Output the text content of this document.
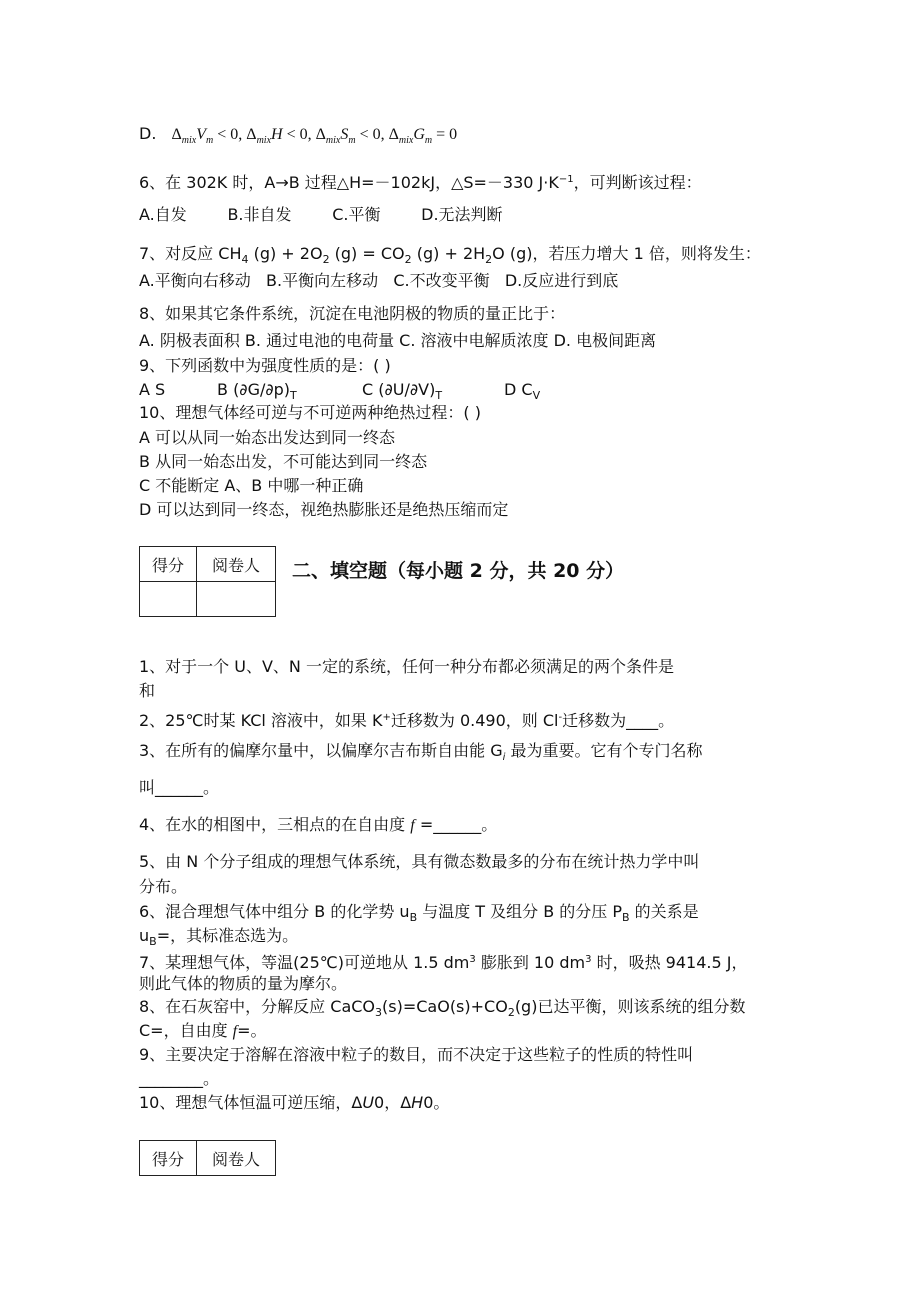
D. $\Delta_{mix}V_m < 0$, $\Delta_{mix}H < 0$, $\Delta_{mix}S_m < 0$, $\Delta_{mix}G_m = 0$
6、在 302K 时，A→B 过程△H=－102kJ，△S=－330 $J\cdot K^{-1}$，可判断该过程：
A.自发        B.非自发        C.平衡        D.无法判断
7、对反应 $CH_4$ $(g) + 2O_2$ $(g) = CO_2$ $(g) + 2H_2O$ (g)，若压力增大 1 倍，则将发生：
A.平衡向右移动   B.平衡向左移动   C.不改变平衡   D.反应进行到底
8、如果其它条件系统，沉淀在电池阴极的物质的量正比于：
A. 阴极表面积 B. 通过电池的电荷量 C. 溶液中电解质浓度 D. 电极间距离
9、下列函数中为强度性质的是：( )
A S	B $(\partial G/\partial p)_T$	C $(\partial U/\partial V)_T$	D $C_V$
10、理想气体经可逆与不可逆两种绝热过程：( )
A 可以从同一始态出发达到同一终态
B 从同一始态出发，不可能达到同一终态
C 不能断定 A、B 中哪一种正确
D 可以达到同一终态，视绝热膨胀还是绝热压缩而定
得分	阅卷人
	二、填空题（每小题 2 分，共 20 分）
1、对于一个 U、V、N 一定的系统，任何一种分布都必须满足的两个条件是
和
2、25℃时某 KCl 溶液中，如果 K+迁移数为 0.490，则 Cl-迁移数为____。
3、在所有的偏摩尔量中，以偏摩尔吉布斯自由能 $G_i$ 最为重要。它有个专门名称
叫______。
4、在水的相图中，三相点的在自由度 f =______。
5、由 N 个分子组成的理想气体系统，具有微态数最多的分布在统计热力学中叫
分布。
6、混合理想气体中组分 B 的化学势 $u_B$ 与温度 T 及组分 B 的分压 $P_B$ 的关系是
$u_B=$，其标准态选为。
7、某理想气体，等温(25℃)可逆地从 1.5 $dm^3$ 膨胀到 10 $dm^3$ 时，吸热 9414.5 J，
则此气体的物质的量为摩尔。
8、在石灰窑中，分解反应 $CaCO_3(s)=CaO(s)+CO_2(g)$已达平衡，则该系统的组分数
C=，自由度 f=。
9、主要决定于溶解在溶液中粒子的数目，而不决定于这些粒子的性质的特性叫
________。
10、理想气体恒温可逆压缩，ΔU0，ΔH0。
得分	阅卷人
